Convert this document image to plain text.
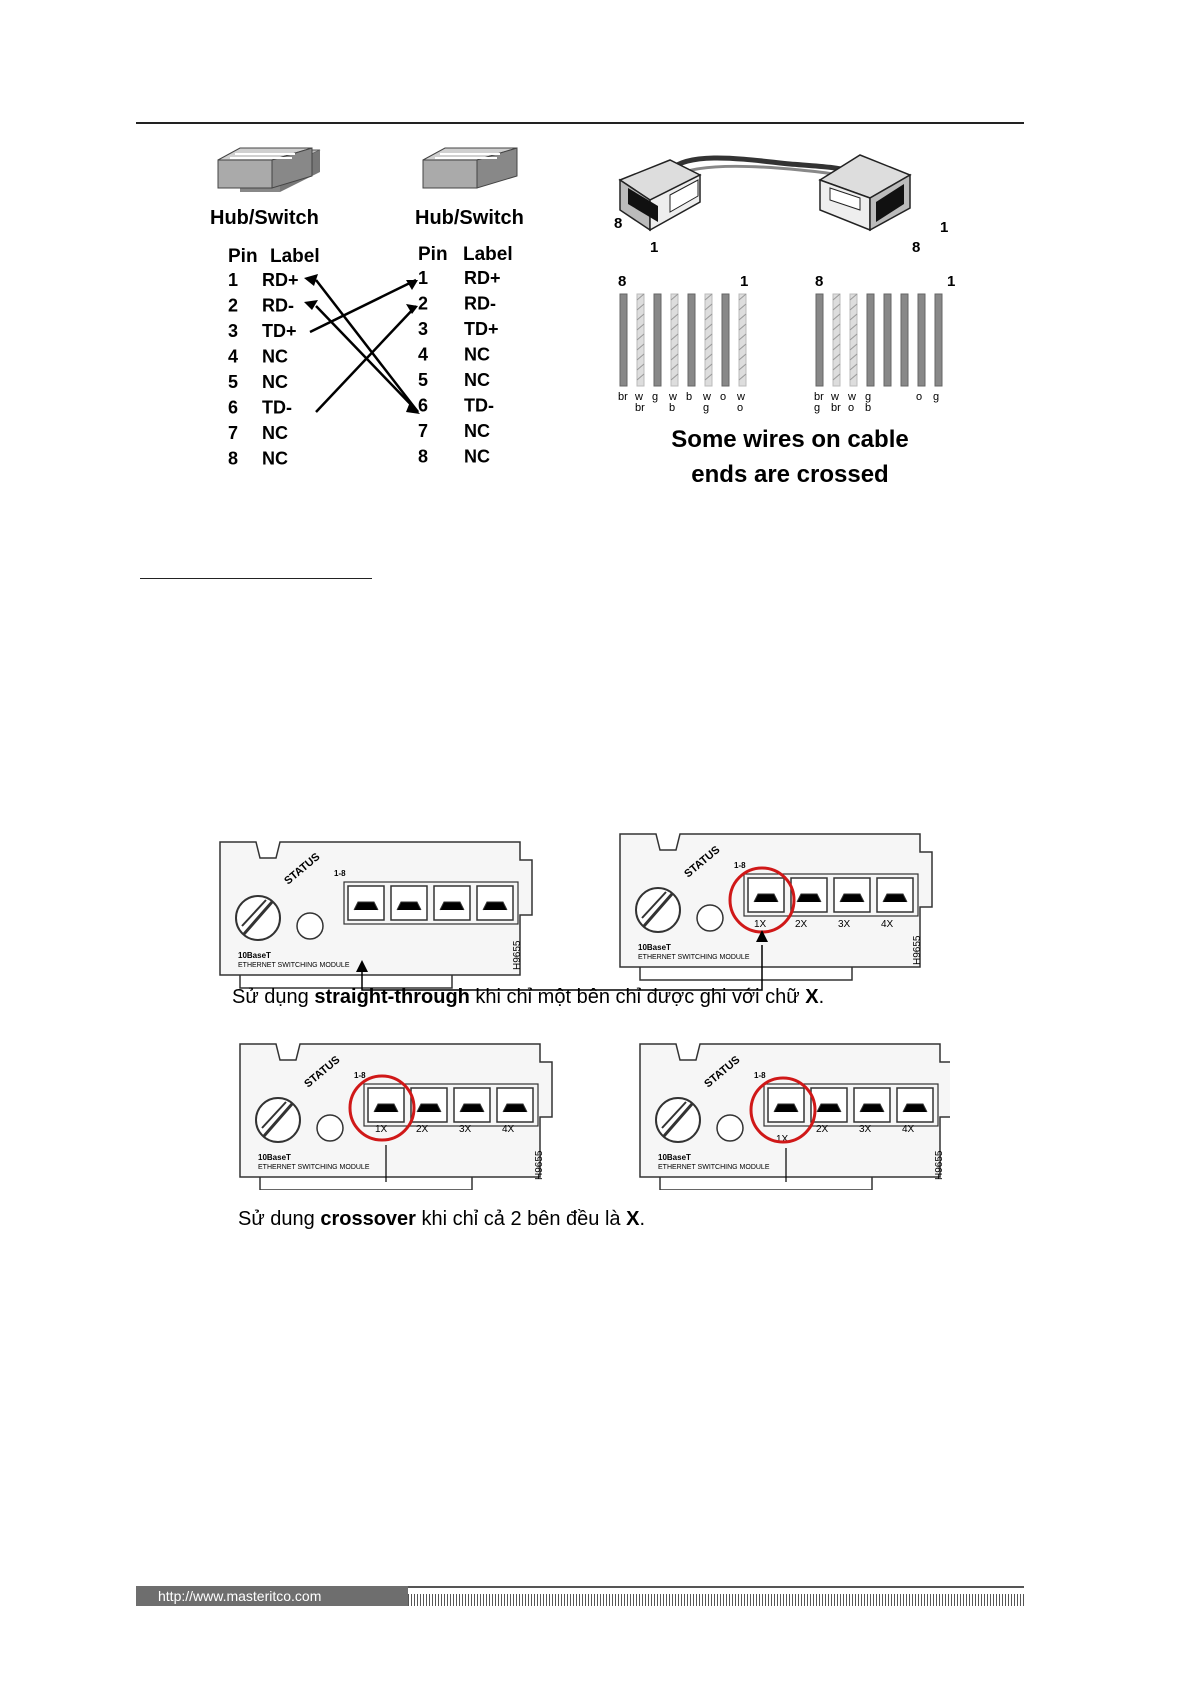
Hub/Switch	Hub/Switch
Pin Label	Pin Label
1 RD+
2 RD-
3 TD+
4 NC
5 NC
6 TD-
7 NC
8 NC
1 RD+
2 RD-
3 TD+
4 NC
5 NC
6 TD-
7 NC
8 NC
8
1
1
8
8	1	8	1
br w
br
g w
b
b w
g
o w
o
br
g
w
br
w
o
g
b
o g
Some wires on cable
ends are crossed
STATUS 1-8
10BaseT
ETHERNET SWITCHING MODULE	H9655
STATUS 1-8
10BaseT
ETHERNET SWITCHING MODULE
1X	2X	3X	4X
H9655
STATUS 1-8
10BaseT
ETHERNET SWITCHING MODULE
1X	2X	3X	4X
H9655
STATUS 1-8
10BaseT
ETHERNET SWITCHING MODULE
1X
2X	3X	4X
H9655
Sử dụng straight-through khi chỉ một bên chỉ được ghi với chữ X.
Sử dung crossover khi chỉ cả 2 bên đều là X.
http://www.masteritco.com
